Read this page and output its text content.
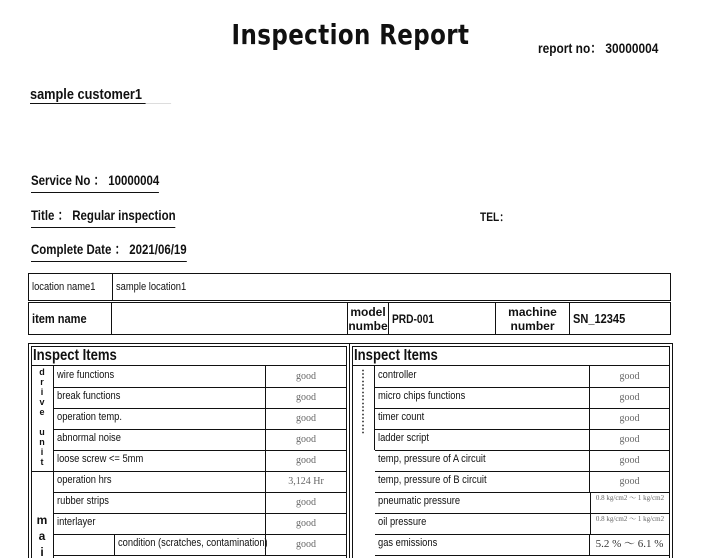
Inspection Report	report no： 30000004
sample customer1
Service No ： 10000004
Title ： Regular inspection	TEL：
Complete Date ： 2021/06/19
location name1	sample location1
item name		model numbe	PRD-001	machine number	SN_12345
Inspect Items
d
r
i
v
e

u
n
i
t
m
a
i
wire functions	good
break functions	good
operation temp.	good
abnormal noise	good
loose screw <= 5mm	good
operation hrs	3,124 Hr
rubber strips	good
interlayer	good
condition (scratches, contamination)	good
Inspect Items
⋮
⋮
⋮
⋮
⋮
⋮
controller	good
micro chips functions	good
timer count	good
ladder script	good
temp, pressure of A circuit	good
temp, pressure of B circuit	good
pneumatic pressure	0.8 kg/cm2 ～ 1 kg/cm2
oil pressure	0.8 kg/cm2 ～ 1 kg/cm2
gas emissions	5.2 % ～ 6.1 %
